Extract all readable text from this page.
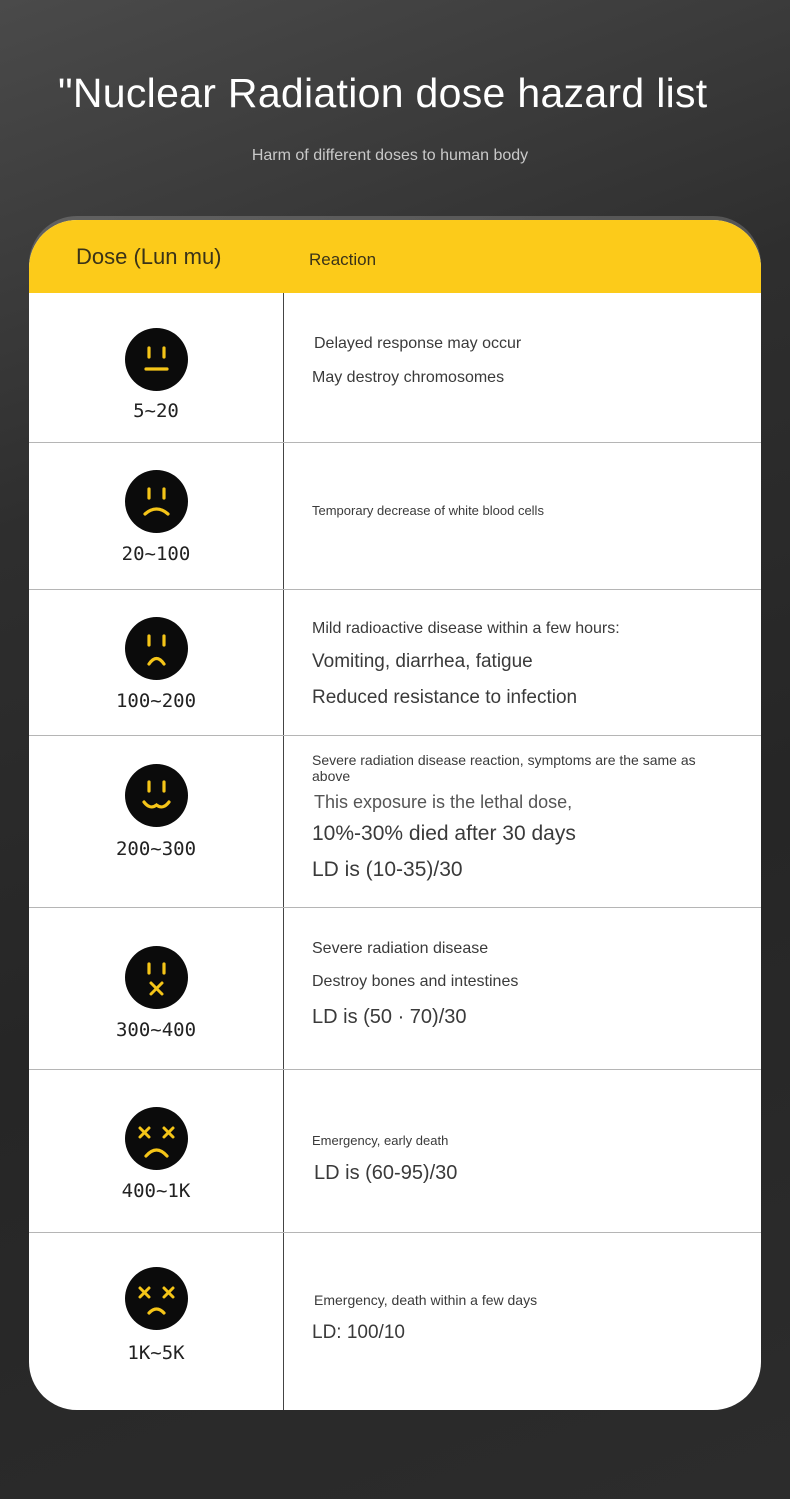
"Nuclear Radiation dose hazard list
Harm of different doses to human body
Dose (Lun mu)	Reaction
5~20
Delayed response may occur
May destroy chromosomes
20~100
Temporary decrease of white blood cells
100~200
Mild radioactive disease within a few hours:
Vomiting, diarrhea, fatigue
Reduced resistance to infection
200~300
Severe radiation disease reaction, symptoms are the same as above
This exposure is the lethal dose,
10%-30% died after 30 days
LD is (10-35)/30
300~400
Severe radiation disease
Destroy bones and intestines
LD is (50 · 70)/30
400~1K
Emergency, early death
LD is (60-95)/30
1K~5K
Emergency, death within a few days
LD: 100/10
